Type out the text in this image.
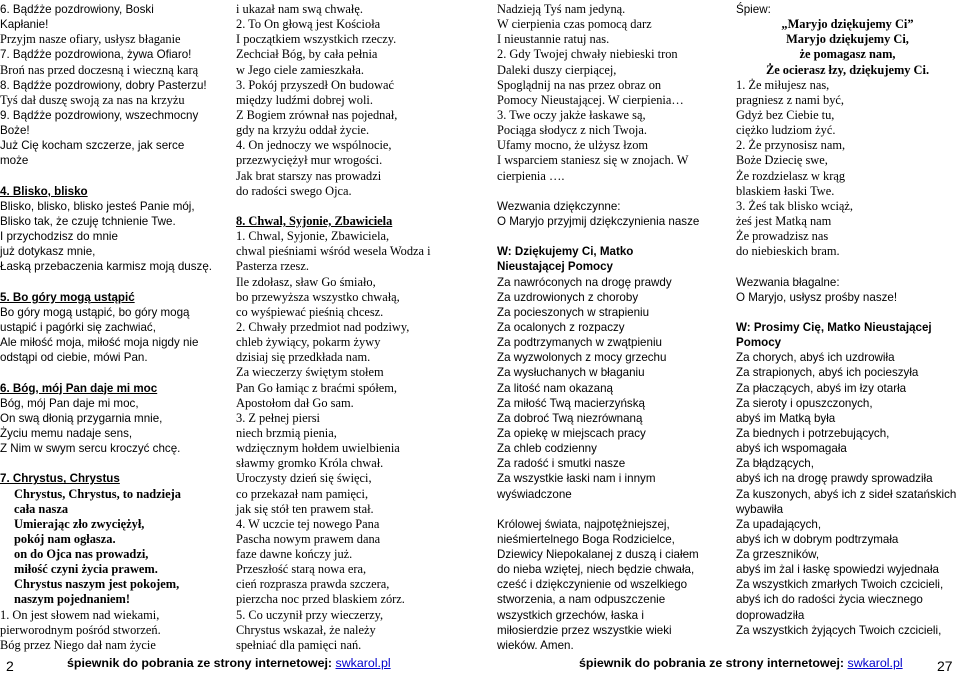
6. Bądźże pozdrowiony, Boski
Kapłanie!
Przyjm nasze ofiary, usłysz błaganie
7. Bądźże pozdrowiona, żywa Ofiaro!
Broń nas przed doczesną i wieczną karą
8. Bądźże pozdrowiony, dobry Pasterzu!
Tyś dał duszę swoją za nas na krzyżu
9. Bądźże pozdrowiony, wszechmocny
Boże!
Już Cię kocham szczerze, jak serce
może
4. Blisko, blisko
Blisko, blisko, blisko jesteś Panie mój,
Blisko tak, że czuję tchnienie Twe.
I przychodzisz do mnie
już dotykasz mnie,
Łaską przebaczenia karmisz moją duszę.
5. Bo góry mogą ustąpić
Bo góry mogą ustąpić, bo góry mogą
ustąpić i pagórki się zachwiać,
Ale miłość moja, miłość moja nigdy nie
odstąpi od ciebie, mówi Pan.
6. Bóg, mój Pan daje mi moc
Bóg, mój Pan daje mi moc,
On swą dłonią przygarnia mnie,
Życiu memu nadaje sens,
Z Nim w swym sercu kroczyć chcę.
7. Chrystus, Chrystus
Chrystus, Chrystus, to nadzieja
cała nasza
Umierając zło zwyciężył,
pokój nam ogłasza.
on do Ojca nas prowadzi,
miłość czyni życia prawem.
Chrystus naszym jest pokojem,
naszym pojednaniem!
1. On jest słowem nad wiekami,
pierworodnym pośród stworzeń.
Bóg przez Niego dał nam życie
i ukazał nam swą chwałę.
2. To On głową jest Kościoła
I początkiem wszystkich rzeczy.
Zechciał Bóg, by cała pełnia
w Jego ciele zamieszkała.
3. Pokój przyszedł On budować
między ludźmi dobrej woli.
Z Bogiem zrównał nas pojednał,
gdy na krzyżu oddał życie.
4. On jednoczy we wspólnocie,
przezwyciężył mur wrogości.
Jak brat starszy nas prowadzi
do radości swego Ojca.
8. Chwal, Syjonie, Zbawiciela
1. Chwal, Syjonie, Zbawiciela,
chwal pieśniami wśród wesela Wodza i
Pasterza rzesz.
Ile zdołasz, sław Go śmiało,
bo przewyższa wszystko chwałą,
co wyśpiewać pieśnią chcesz.
2. Chwały przedmiot nad podziwy,
chleb żywiący, pokarm żywy
dzisiaj się przedkłada nam.
Za wieczerzy świętym stołem
Pan Go łamiąc z braćmi spółem,
Apostołom dał Go sam.
3. Z pełnej piersi
niech brzmią pienia,
wdzięcznym hołdem uwielbienia
sławmy gromko Króla chwał.
Uroczysty dzień się święci,
co przekazał nam pamięci,
jak się stół ten prawem stał.
4. W uczcie tej nowego Pana
Pascha nowym prawem dana
faze dawne kończy już.
Przeszłość starą nowa era,
cień rozprasza prawda szczera,
pierzcha noc przed blaskiem zórz.
5. Co uczynił przy wieczerzy,
Chrystus wskazał, że należy
spełniać dla pamięci nań.
Nadzieją Tyś nam jedyną.
W cierpienia czas pomocą darz
I nieustannie ratuj nas.
2. Gdy Twojej chwały niebieski tron
Daleki duszy cierpiącej,
Spoglądnij na nas przez obraz on
Pomocy Nieustającej. W cierpienia…
3. Twe oczy jakże łaskawe są,
Pociąga słodycz z nich Twoja.
Ufamy mocno, że ulżysz łzom
I wsparciem staniesz się w znojach. W
cierpienia ….
Wezwania dziękczynne:
O Maryjo przyjmij dziękczynienia nasze
W: Dziękujemy Ci, Matko
Nieustającej Pomocy
Za nawróconych na drogę prawdy
Za uzdrowionych z choroby
Za pocieszonych w strapieniu
Za ocalonych z rozpaczy
Za podtrzymanych w zwątpieniu
Za wyzwolonych z mocy grzechu
Za wysłuchanych w błaganiu
Za litość nam okazaną
Za miłość Twą macierzyńską
Za dobroć Twą niezrównaną
Za opiekę w miejscach pracy
Za chleb codzienny
Za radość i smutki nasze
Za wszystkie łaski nam i innym
wyświadczone
Królowej świata, najpotężniejszej,
nieśmiertelnego Boga Rodzicielce,
Dziewicy Niepokalanej z duszą i ciałem
do nieba wziętej, niech będzie chwała,
cześć i dziękczynienie od wszelkiego
stworzenia, a nam odpuszczenie
wszystkich grzechów, łaska i
miłosierdzie przez wszystkie wieki
wieków. Amen.
Śpiew:
„Maryjo dziękujemy Ci”
Maryjo dziękujemy Ci,
że pomagasz nam,
Że ocierasz łzy, dziękujemy Ci.
1. Że miłujesz nas,
pragniesz z nami być,
Gdyż bez Ciebie tu,
ciężko ludziom żyć.
2. Że przynosisz nam,
Boże Dziecię swe,
Że rozdzielasz w krąg
blaskiem łaski Twe.
3. Żeś tak blisko wciąż,
żeś jest Matką nam
Że prowadzisz nas
do niebieskich bram.
Wezwania błagalne:
O Maryjo, usłysz prośby nasze!
W: Prosimy Cię, Matko Nieustającej
Pomocy
Za chorych, abyś ich uzdrowiła
Za strapionych, abyś ich pocieszyła
Za płaczących, abyś im łzy otarła
Za sieroty i opuszczonych,
abyś im Matką była
Za biednych i potrzebujących,
abyś ich wspomagała
Za błądzących,
abyś ich na drogę prawdy sprowadziła
Za kuszonych, abyś ich z sideł szatańskich
wybawiła
Za upadających,
abyś ich w dobrym podtrzymała
Za grzeszników,
abyś im żal i łaskę spowiedzi wyjednała
Za wszystkich zmarłych Twoich czcicieli,
abyś ich do radości życia wiecznego
doprowadziła
Za wszystkich żyjących Twoich czcicieli,
2	śpiewnik do pobrania ze strony internetowej: swkarol.pl	śpiewnik do pobrania ze strony internetowej: swkarol.pl 27
